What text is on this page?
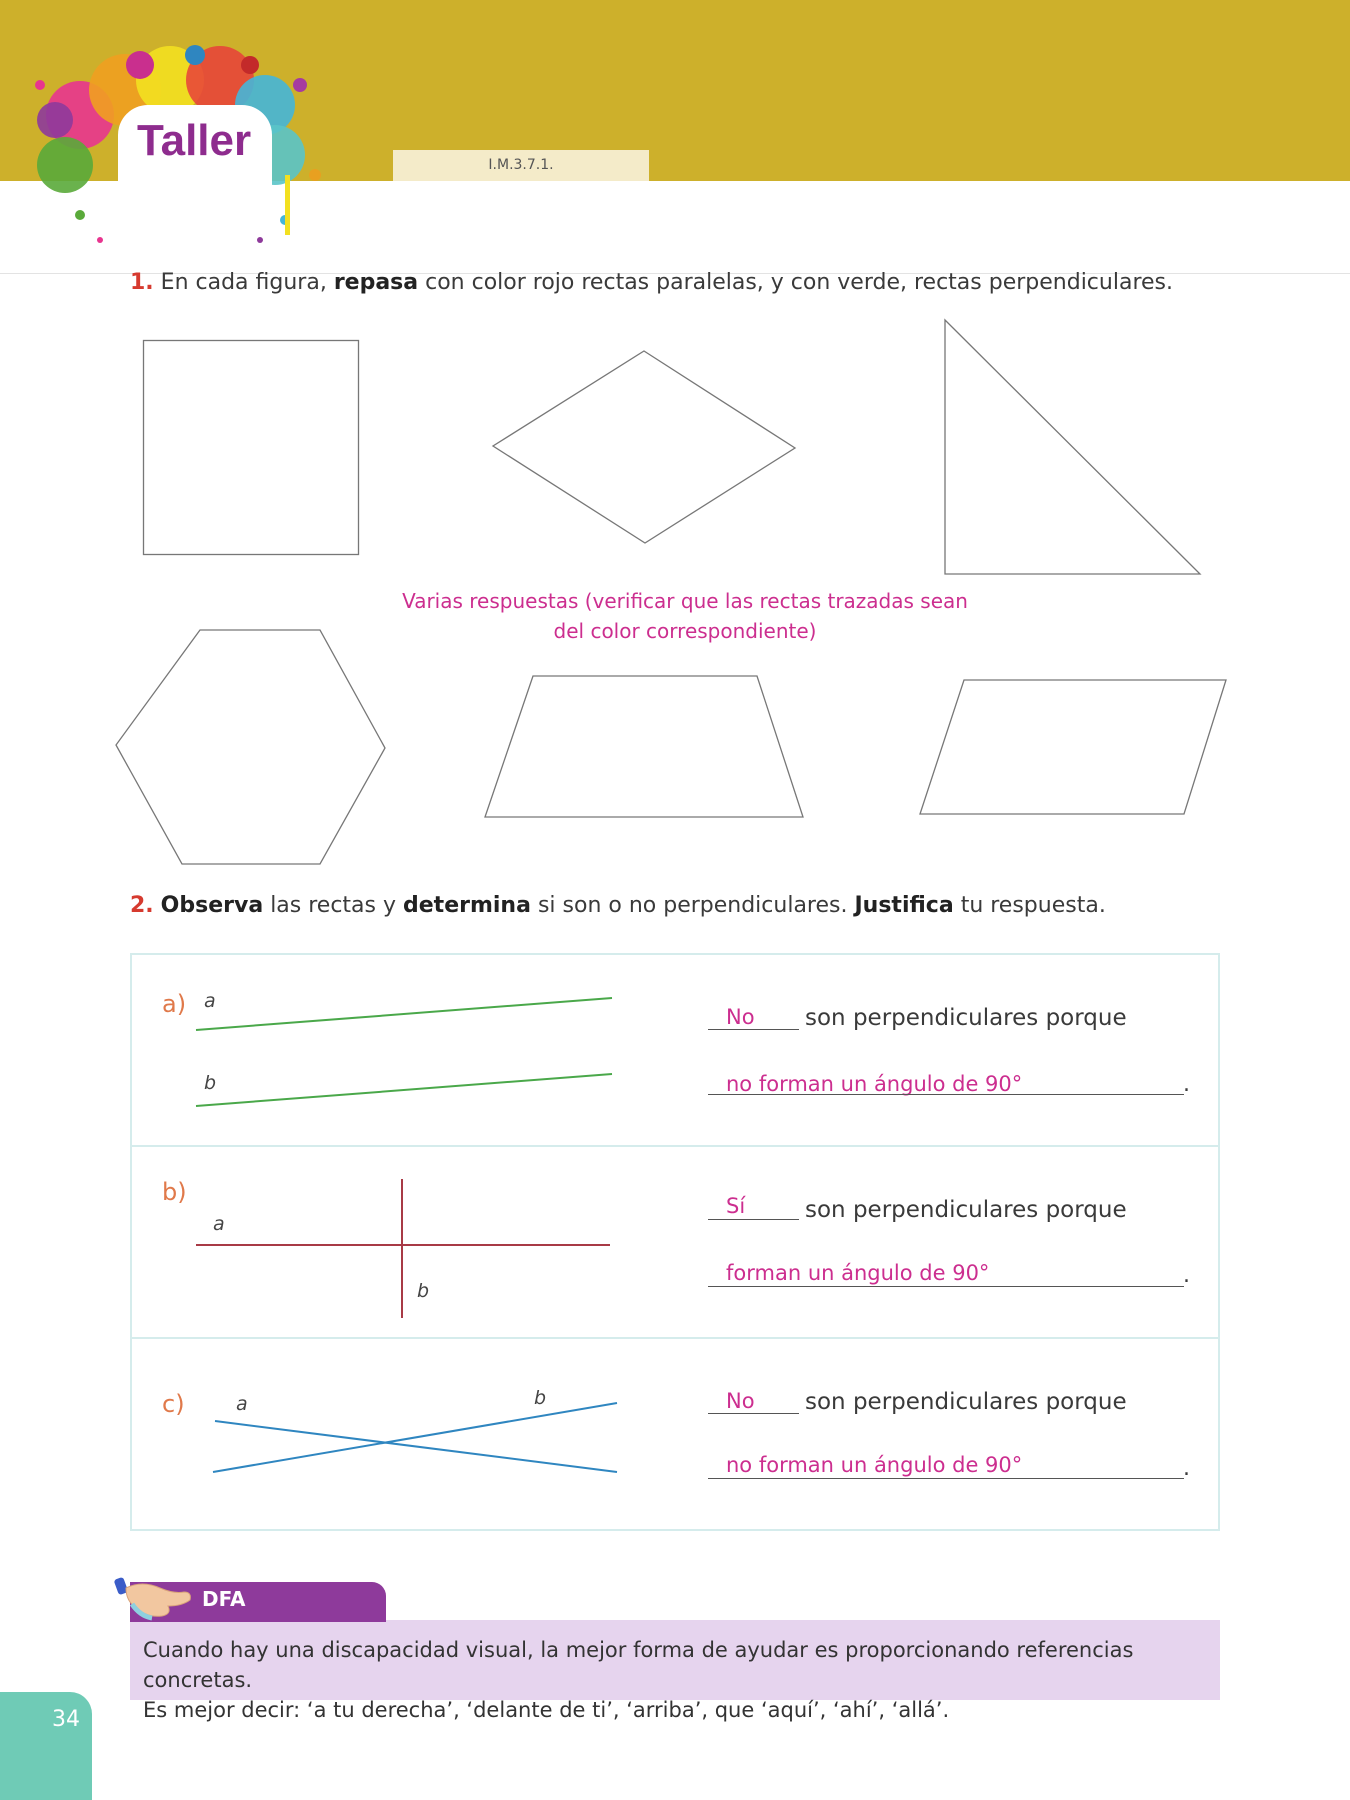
I.M.3.7.1.
Taller
1. En cada figura, repasa con color rojo rectas paralelas, y con verde, rectas perpendiculares.
Varias respuestas (verificar que las rectas trazadas sean
del color correspondiente)
2. Observa las rectas y determina si son o no perpendiculares. Justifica tu respuesta.
a) a
b
No son perpendiculares porque
no forman un ángulo de 90°	.
b)
a
b
Sí	son perpendiculares porque
forman un ángulo de 90°	.
c)	a	b	No son perpendiculares porque
no forman un ángulo de 90°	.
DFA
Cuando hay una discapacidad visual, la mejor forma de ayudar es proporcionando referencias concretas.
Es mejor decir: ‘a tu derecha’, ‘delante de ti’, ‘arriba’, que ‘aquí’, ‘ahí’, ‘allá’.
34
